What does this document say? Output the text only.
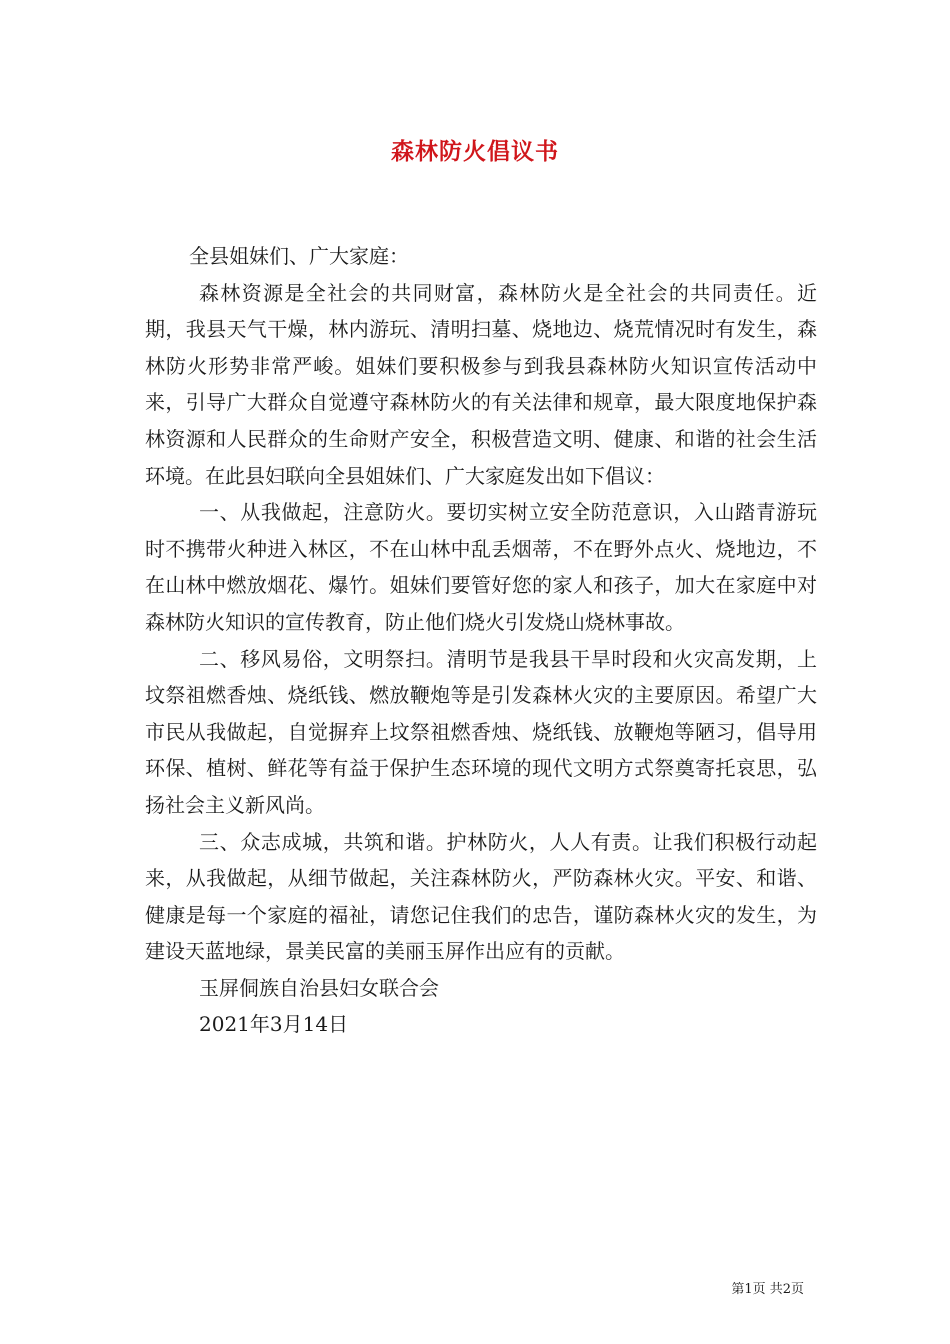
森林防火倡议书

全县姐妹们、广大家庭：

森林资源是全社会的共同财富，森林防火是全社会的共同责任。近期，我县天气干燥，林内游玩、清明扫墓、烧地边、烧荒情况时有发生，森林防火形势非常严峻。姐妹们要积极参与到我县森林防火知识宣传活动中来，引导广大群众自觉遵守森林防火的有关法律和规章，最大限度地保护森林资源和人民群众的生命财产安全，积极营造文明、健康、和谐的社会生活环境。在此县妇联向全县姐妹们、广大家庭发出如下倡议：

一、从我做起，注意防火。要切实树立安全防范意识，入山踏青游玩时不携带火种进入林区，不在山林中乱丢烟蒂，不在野外点火、烧地边，不在山林中燃放烟花、爆竹。姐妹们要管好您的家人和孩子，加大在家庭中对森林防火知识的宣传教育，防止他们烧火引发烧山烧林事故。

二、移风易俗，文明祭扫。清明节是我县干旱时段和火灾高发期，上坟祭祖燃香烛、烧纸钱、燃放鞭炮等是引发森林火灾的主要原因。希望广大市民从我做起，自觉摒弃上坟祭祖燃香烛、烧纸钱、放鞭炮等陋习，倡导用环保、植树、鲜花等有益于保护生态环境的现代文明方式祭奠寄托哀思，弘扬社会主义新风尚。

三、众志成城，共筑和谐。护林防火，人人有责。让我们积极行动起来，从我做起，从细节做起，关注森林防火，严防森林火灾。平安、和谐、健康是每一个家庭的福祉，请您记住我们的忠告，谨防森林火灾的发生，为建设天蓝地绿，景美民富的美丽玉屏作出应有的贡献。

玉屏侗族自治县妇女联合会

2021年3月14日

第1页 共2页
